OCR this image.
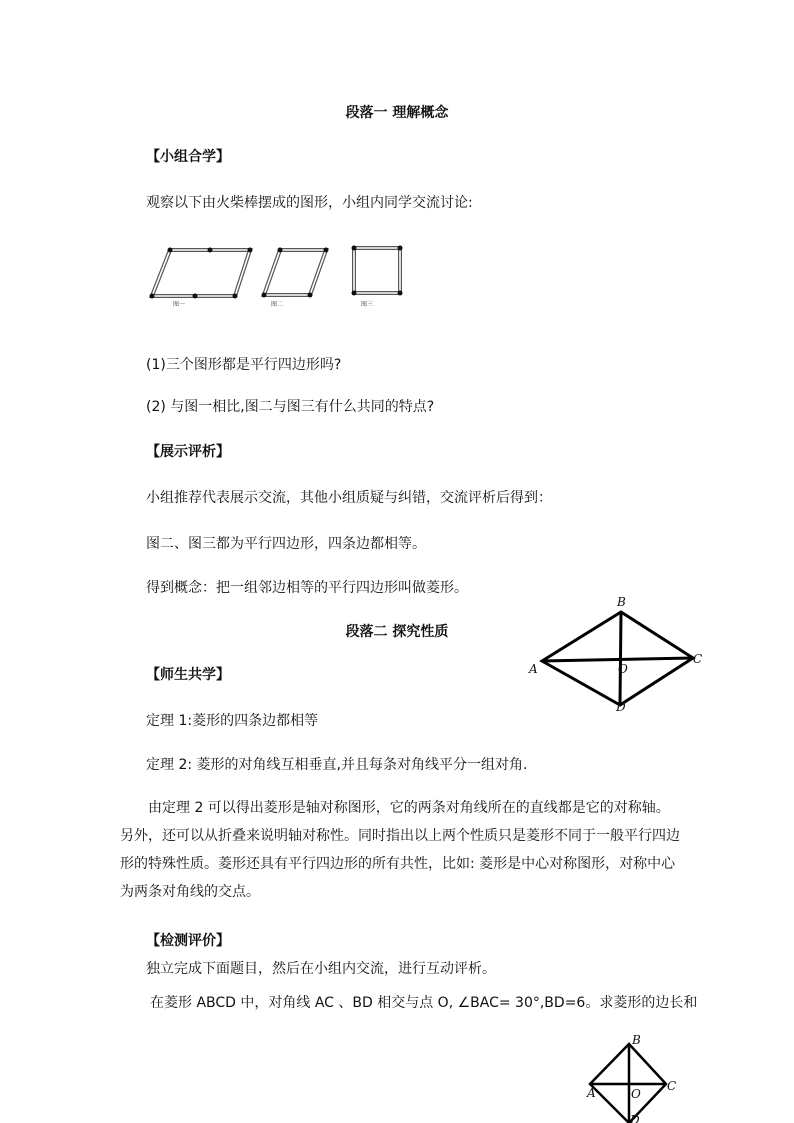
段落一 理解概念
【小组合学】
观察以下由火柴棒摆成的图形，小组内同学交流讨论:
图一	图二	图三
(1)三个图形都是平行四边形吗?
(2) 与图一相比,图二与图三有什么共同的特点?
【展示评析】
小组推荐代表展示交流，其他小组质疑与纠错，交流评析后得到：
图二、图三都为平行四边形，四条边都相等。
得到概念：把一组邻边相等的平行四边形叫做菱形。
段落二 探究性质
B
A
C
D
O
【师生共学】
定理 1:菱形的四条边都相等
定理 2: 菱形的对角线互相垂直,并且每条对角线平分一组对角.
由定理 2 可以得出菱形是轴对称图形，它的两条对角线所在的直线都是它的对称轴。另外，还可以从折叠来说明轴对称性。同时指出以上两个性质只是菱形不同于一般平行四边形的特殊性质。菱形还具有平行四边形的所有共性，比如: 菱形是中心对称图形，对称中心为两条对角线的交点。
【检测评价】
独立完成下面题目，然后在小组内交流，进行互动评析。
在菱形 ABCD 中，对角线 AC 、BD 相交与点 O, ∠BAC= 30°,BD=6。求菱形的边长和
B
A	C
O
D
